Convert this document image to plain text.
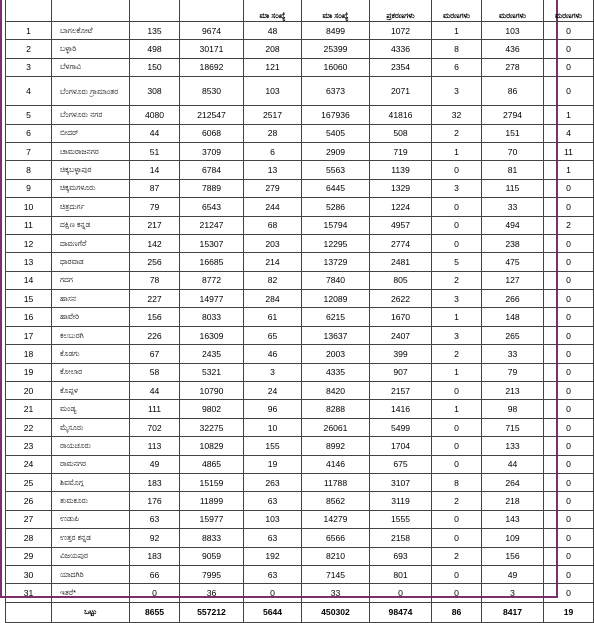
				ಮಾ ಸಂಖ್ಯೆ	ಮಾ ಸಂಖ್ಯೆ	ಪ್ರಕರಣಗಳು	ಮರಣಗಳು	ಮರಣಗಳು	ಮರಣಗಳು
1	ಬಾಗಲಕೋಟೆ	135	9674	48	8499	1072	1	103	0
2	ಬಳ್ಳಾರಿ	498	30171	208	25399	4336	8	436	0
3	ಬೆಳಗಾವಿ	150	18692	121	16060	2354	6	278	0
4	ಬೆಂಗಳೂರು ಗ್ರಾಮಾಂತರ	308	8530	103	6373	2071	3	86	0
5	ಬೆಂಗಳೂರು ನಗರ	4080	212547	2517	167936	41816	32	2794	1
6	ಬೀದರ್	44	6068	28	5405	508	2	151	4
7	ಚಾಮರಾಜನಗರ	51	3709	6	2909	719	1	70	11
8	ಚಿಕ್ಕಬಳ್ಳಾಪುರ	14	6784	13	5563	1139	0	81	1
9	ಚಿಕ್ಕಮಗಳೂರು	87	7889	279	6445	1329	3	115	0
10	ಚಿತ್ರದುರ್ಗ	79	6543	244	5286	1224	0	33	0
11	ದಕ್ಷಿಣ ಕನ್ನಡ	217	21247	68	15794	4957	0	494	2
12	ದಾವಣಗೆರೆ	142	15307	203	12295	2774	0	238	0
13	ಧಾರವಾಡ	256	16685	214	13729	2481	5	475	0
14	ಗದಗ	78	8772	82	7840	805	2	127	0
15	ಹಾಸನ	227	14977	284	12089	2622	3	266	0
16	ಹಾವೇರಿ	156	8033	61	6215	1670	1	148	0
17	ಕಲಬುರಗಿ	226	16309	65	13637	2407	3	265	0
18	ಕೊಡಗು	67	2435	46	2003	399	2	33	0
19	ಕೋಲಾರ	58	5321	3	4335	907	1	79	0
20	ಕೊಪ್ಪಳ	44	10790	24	8420	2157	0	213	0
21	ಮಂಡ್ಯ	111	9802	96	8288	1416	1	98	0
22	ಮೈಸೂರು	702	32275	10	26061	5499	0	715	0
23	ರಾಯಚೂರು	113	10829	155	8992	1704	0	133	0
24	ರಾಮನಗರ	49	4865	19	4146	675	0	44	0
25	ಶಿವಮೊಗ್ಗ	183	15159	263	11788	3107	8	264	0
26	ತುಮಕೂರು	176	11899	63	8562	3119	2	218	0
27	ಉಡುಪಿ	63	15977	103	14279	1555	0	143	0
28	ಉತ್ತರ ಕನ್ನಡ	92	8833	63	6566	2158	0	109	0
29	ವಿಜಯಪುರ	183	9059	192	8210	693	2	156	0
30	ಯಾದಗಿರಿ	66	7995	63	7145	801	0	49	0
31	ಇತರೆ*	0	36	0	33	0	0	3	0
	ಒಟ್ಟು	8655	557212	5644	450302	98474	86	8417	19
